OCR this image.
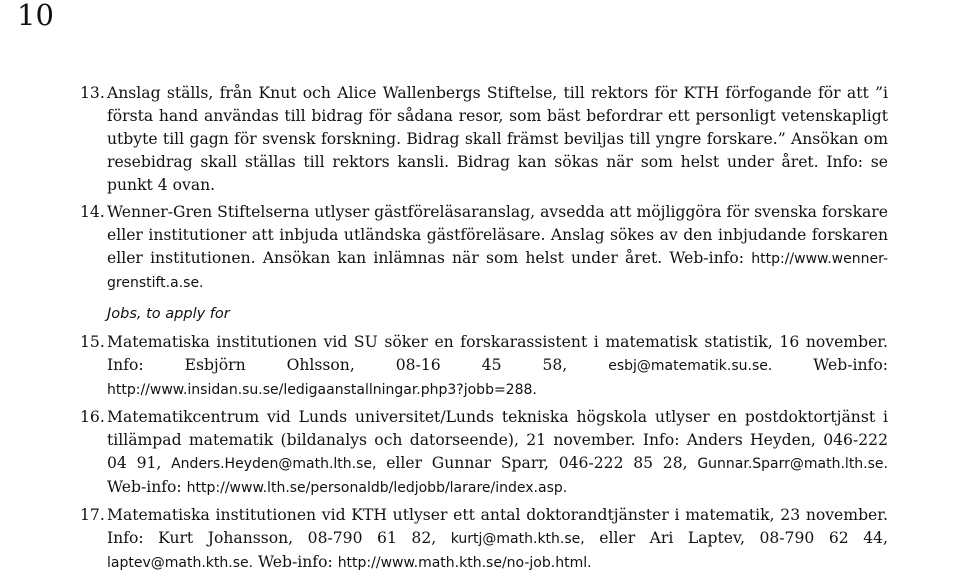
10
13. Anslag ställs, från Knut och Alice Wallenbergs Stiftelse, till rektors för KTH förfogande för att ”i första hand användas till bidrag för sådana resor, som bäst befordrar ett personligt vetenskapligt utbyte till gagn för svensk forskning. Bidrag skall främst beviljas till yngre forskare.” Ansökan om resebidrag skall ställas till rektors kansli. Bidrag kan sökas när som helst under året. Info: se punkt 4 ovan.
14. Wenner-Gren Stiftelserna utlyser gästföreläsaranslag, avsedda att möjliggöra för svenska forskare eller institutioner att inbjuda utländska gästföreläsare. Anslag sökes av den inbjudande forskaren eller institutionen. Ansökan kan inlämnas när som helst under året. Web-info: http://www.wenner-grenstift.a.se.
Jobs, to apply for
15. Matematiska institutionen vid SU söker en forskarassistent i matematisk statistik, 16 november. Info: Esbjörn Ohlsson, 08-16 45 58,	esbj@matematik.su.se.	Web-info: http://www.insidan.su.se/ledigaanstallningar.php3?jobb=288.
16. Matematikcentrum vid Lunds universitet/Lunds tekniska högskola utlyser en postdoktortjänst i tillämpad matematik (bildanalys och datorseende), 21 november. Info: Anders Heyden, 046-222 04 91, Anders.Heyden@math.lth.se, eller Gunnar Sparr, 046-222 85 28, Gunnar.Sparr@math.lth.se. Web-info: http://www.lth.se/personaldb/ledjobb/larare/index.asp.
17. Matematiska institutionen vid KTH utlyser ett antal doktorandtjänster i matematik, 23 november. Info: Kurt Johansson, 08-790 61 82, kurtj@math.kth.se, eller Ari Laptev, 08-790 62 44, laptev@math.kth.se. Web-info: http://www.math.kth.se/no-job.html.
